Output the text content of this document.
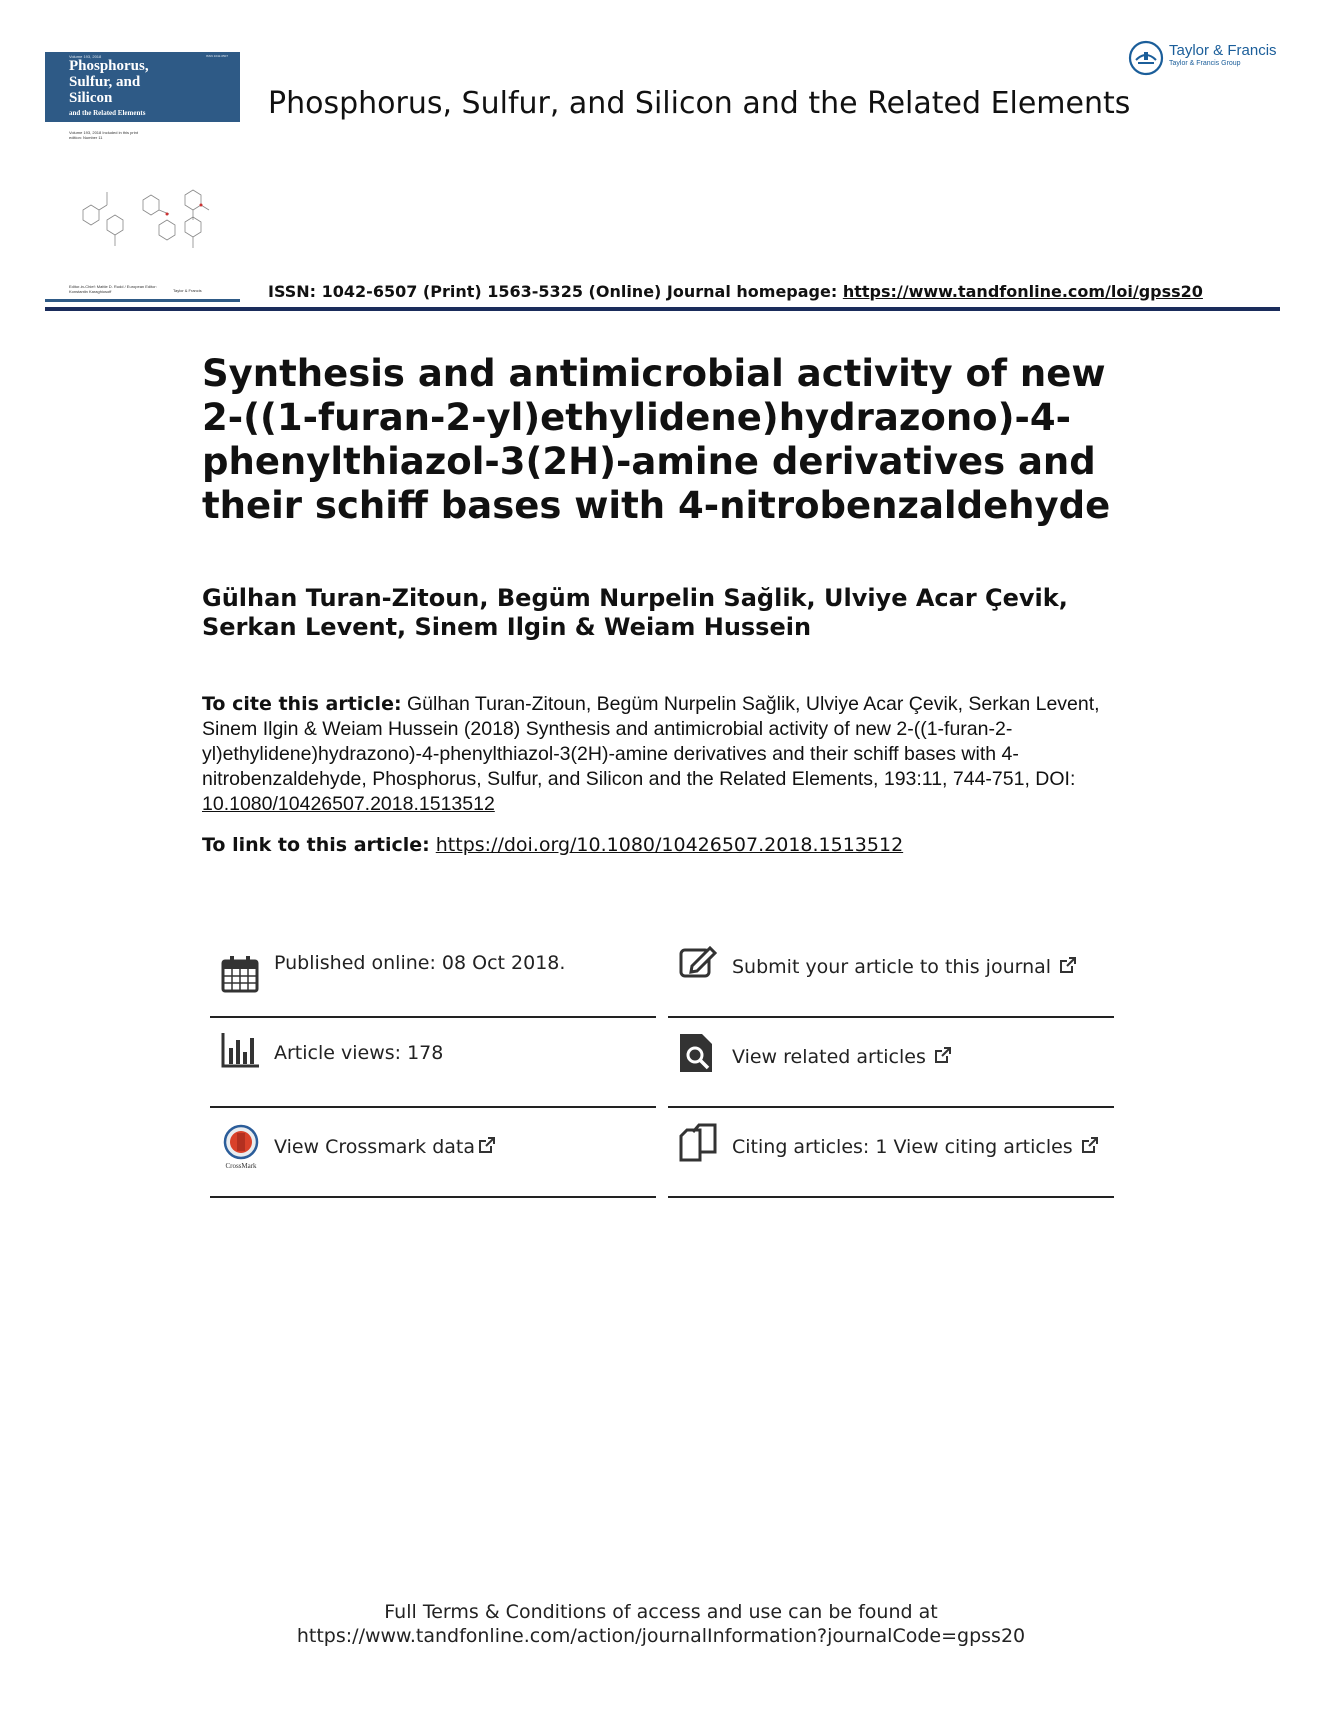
Volume 193, 2018	ISSN 1042-6507
Phosphorus,
Sulfur, and
Silicon
and the Related Elements
Volume 193, 2018 Included in this print edition: Number 11
Editor-in-Chief: Mattie D. Rudd / European Editor: Konstantin Karaghiosoff	Taylor & Francis
Phosphorus, Sulfur, and Silicon and the Related Elements
Taylor & Francis
Taylor & Francis Group
ISSN: 1042-6507 (Print) 1563-5325 (Online) Journal homepage: https://www.tandfonline.com/loi/gpss20
Synthesis and antimicrobial activity of new 2-((1-furan-2-yl)ethylidene)hydrazono)-4-phenylthiazol-3(2H)-amine derivatives and their schiff bases with 4-nitrobenzaldehyde
Gülhan Turan-Zitoun, Begüm Nurpelin Sağlik, Ulviye Acar Çevik, Serkan Levent, Sinem Ilgin & Weiam Hussein
To cite this article: Gülhan Turan-Zitoun, Begüm Nurpelin Sağlik, Ulviye Acar Çevik, Serkan Levent, Sinem Ilgin & Weiam Hussein (2018) Synthesis and antimicrobial activity of new 2-((1-furan-2-yl)ethylidene)hydrazono)-4-phenylthiazol-3(2H)-amine derivatives and their schiff bases with 4-nitrobenzaldehyde, Phosphorus, Sulfur, and Silicon and the Related Elements, 193:11, 744-751, DOI: 10.1080/10426507.2018.1513512
To link to this article: https://doi.org/10.1080/10426507.2018.1513512
Published online: 08 Oct 2018.	Submit your article to this journal
Article views: 178	View related articles
CrossMark
View Crossmark data	Citing articles: 1 View citing articles
Full Terms & Conditions of access and use can be found at
https://www.tandfonline.com/action/journalInformation?journalCode=gpss20
